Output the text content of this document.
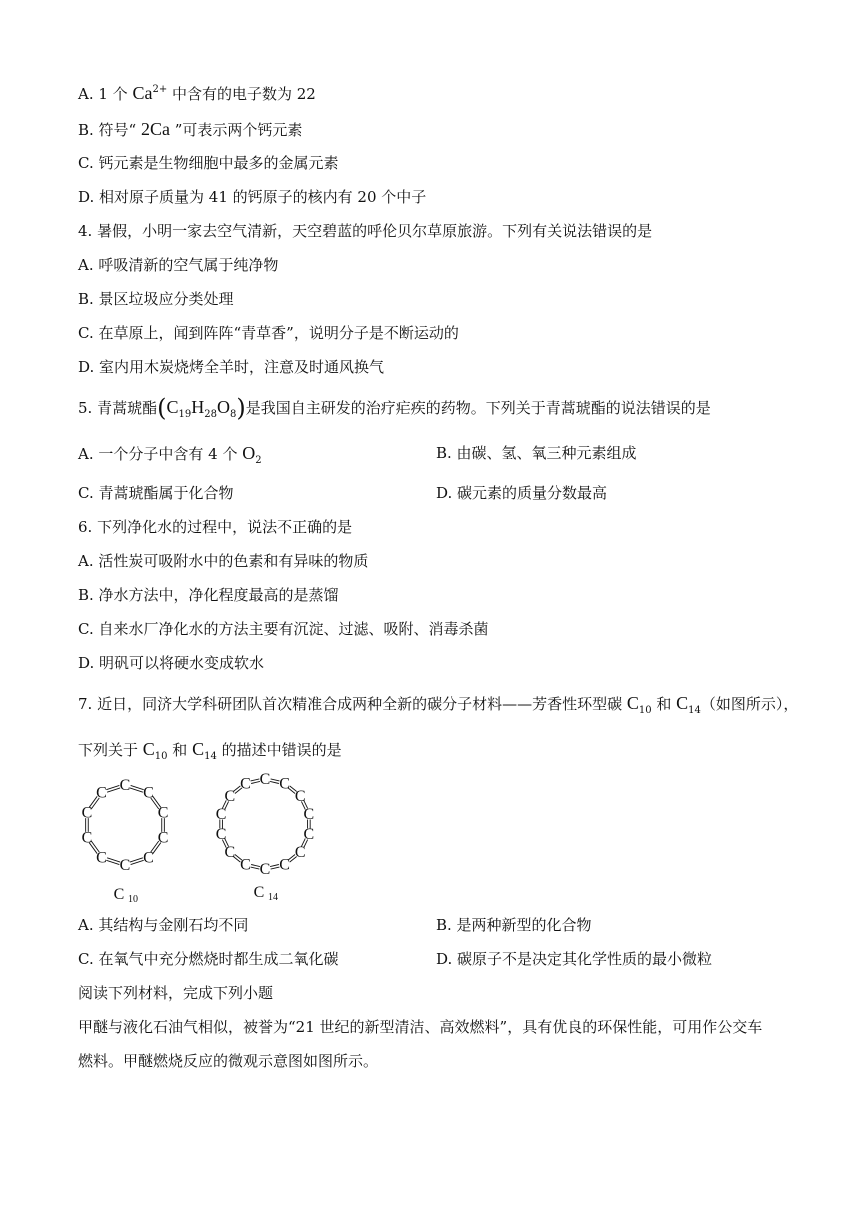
A. 1 个 $Ca^{2+}$ 中含有的电子数为 22
B. 符号“ 2Ca ”可表示两个钙元素
C. 钙元素是生物细胞中最多的金属元素
D. 相对原子质量为 41 的钙原子的核内有 20 个中子
4. 暑假，小明一家去空气清新，天空碧蓝的呼伦贝尔草原旅游。下列有关说法错误的是
A. 呼吸清新的空气属于纯净物
B. 景区垃圾应分类处理
C. 在草原上，闻到阵阵“青草香”，说明分子是不断运动的
D. 室内用木炭烧烤全羊时，注意及时通风换气
5. 青蒿琥酯$(C_{19}H_{28}O_8)$是我国自主研发的治疗疟疾的药物。下列关于青蒿琥酯的说法错误的是
A. 一个分子中含有 4 个 $O_2$	B. 由碳、氢、氧三种元素组成
C. 青蒿琥酯属于化合物	D. 碳元素的质量分数最高
6. 下列净化水的过程中，说法不正确的是
A. 活性炭可吸附水中的色素和有异味的物质
B. 净水方法中，净化程度最高的是蒸馏
C. 自来水厂净化水的方法主要有沉淀、过滤、吸附、消毒杀菌
D. 明矾可以将硬水变成软水
7. 近日，同济大学科研团队首次精准合成两种全新的碳分子材料——芳香性环型碳 $C_{10}$ 和 $C_{14}$（如图所示），
下列关于 $C_{10}$ 和 $C_{14}$ 的描述中错误的是
C C
C
C
C
C
C
C
C
C
C 10
C C
C
C
C
C
C
C
C
C
C
C
C
C
C 14
A. 其结构与金刚石均不同	B. 是两种新型的化合物
C. 在氧气中充分燃烧时都生成二氧化碳	D. 碳原子不是决定其化学性质的最小微粒
阅读下列材料，完成下列小题
甲醚与液化石油气相似，被誉为“21 世纪的新型清洁、高效燃料”，具有优良的环保性能，可用作公交车
燃料。甲醚燃烧反应的微观示意图如图所示。
